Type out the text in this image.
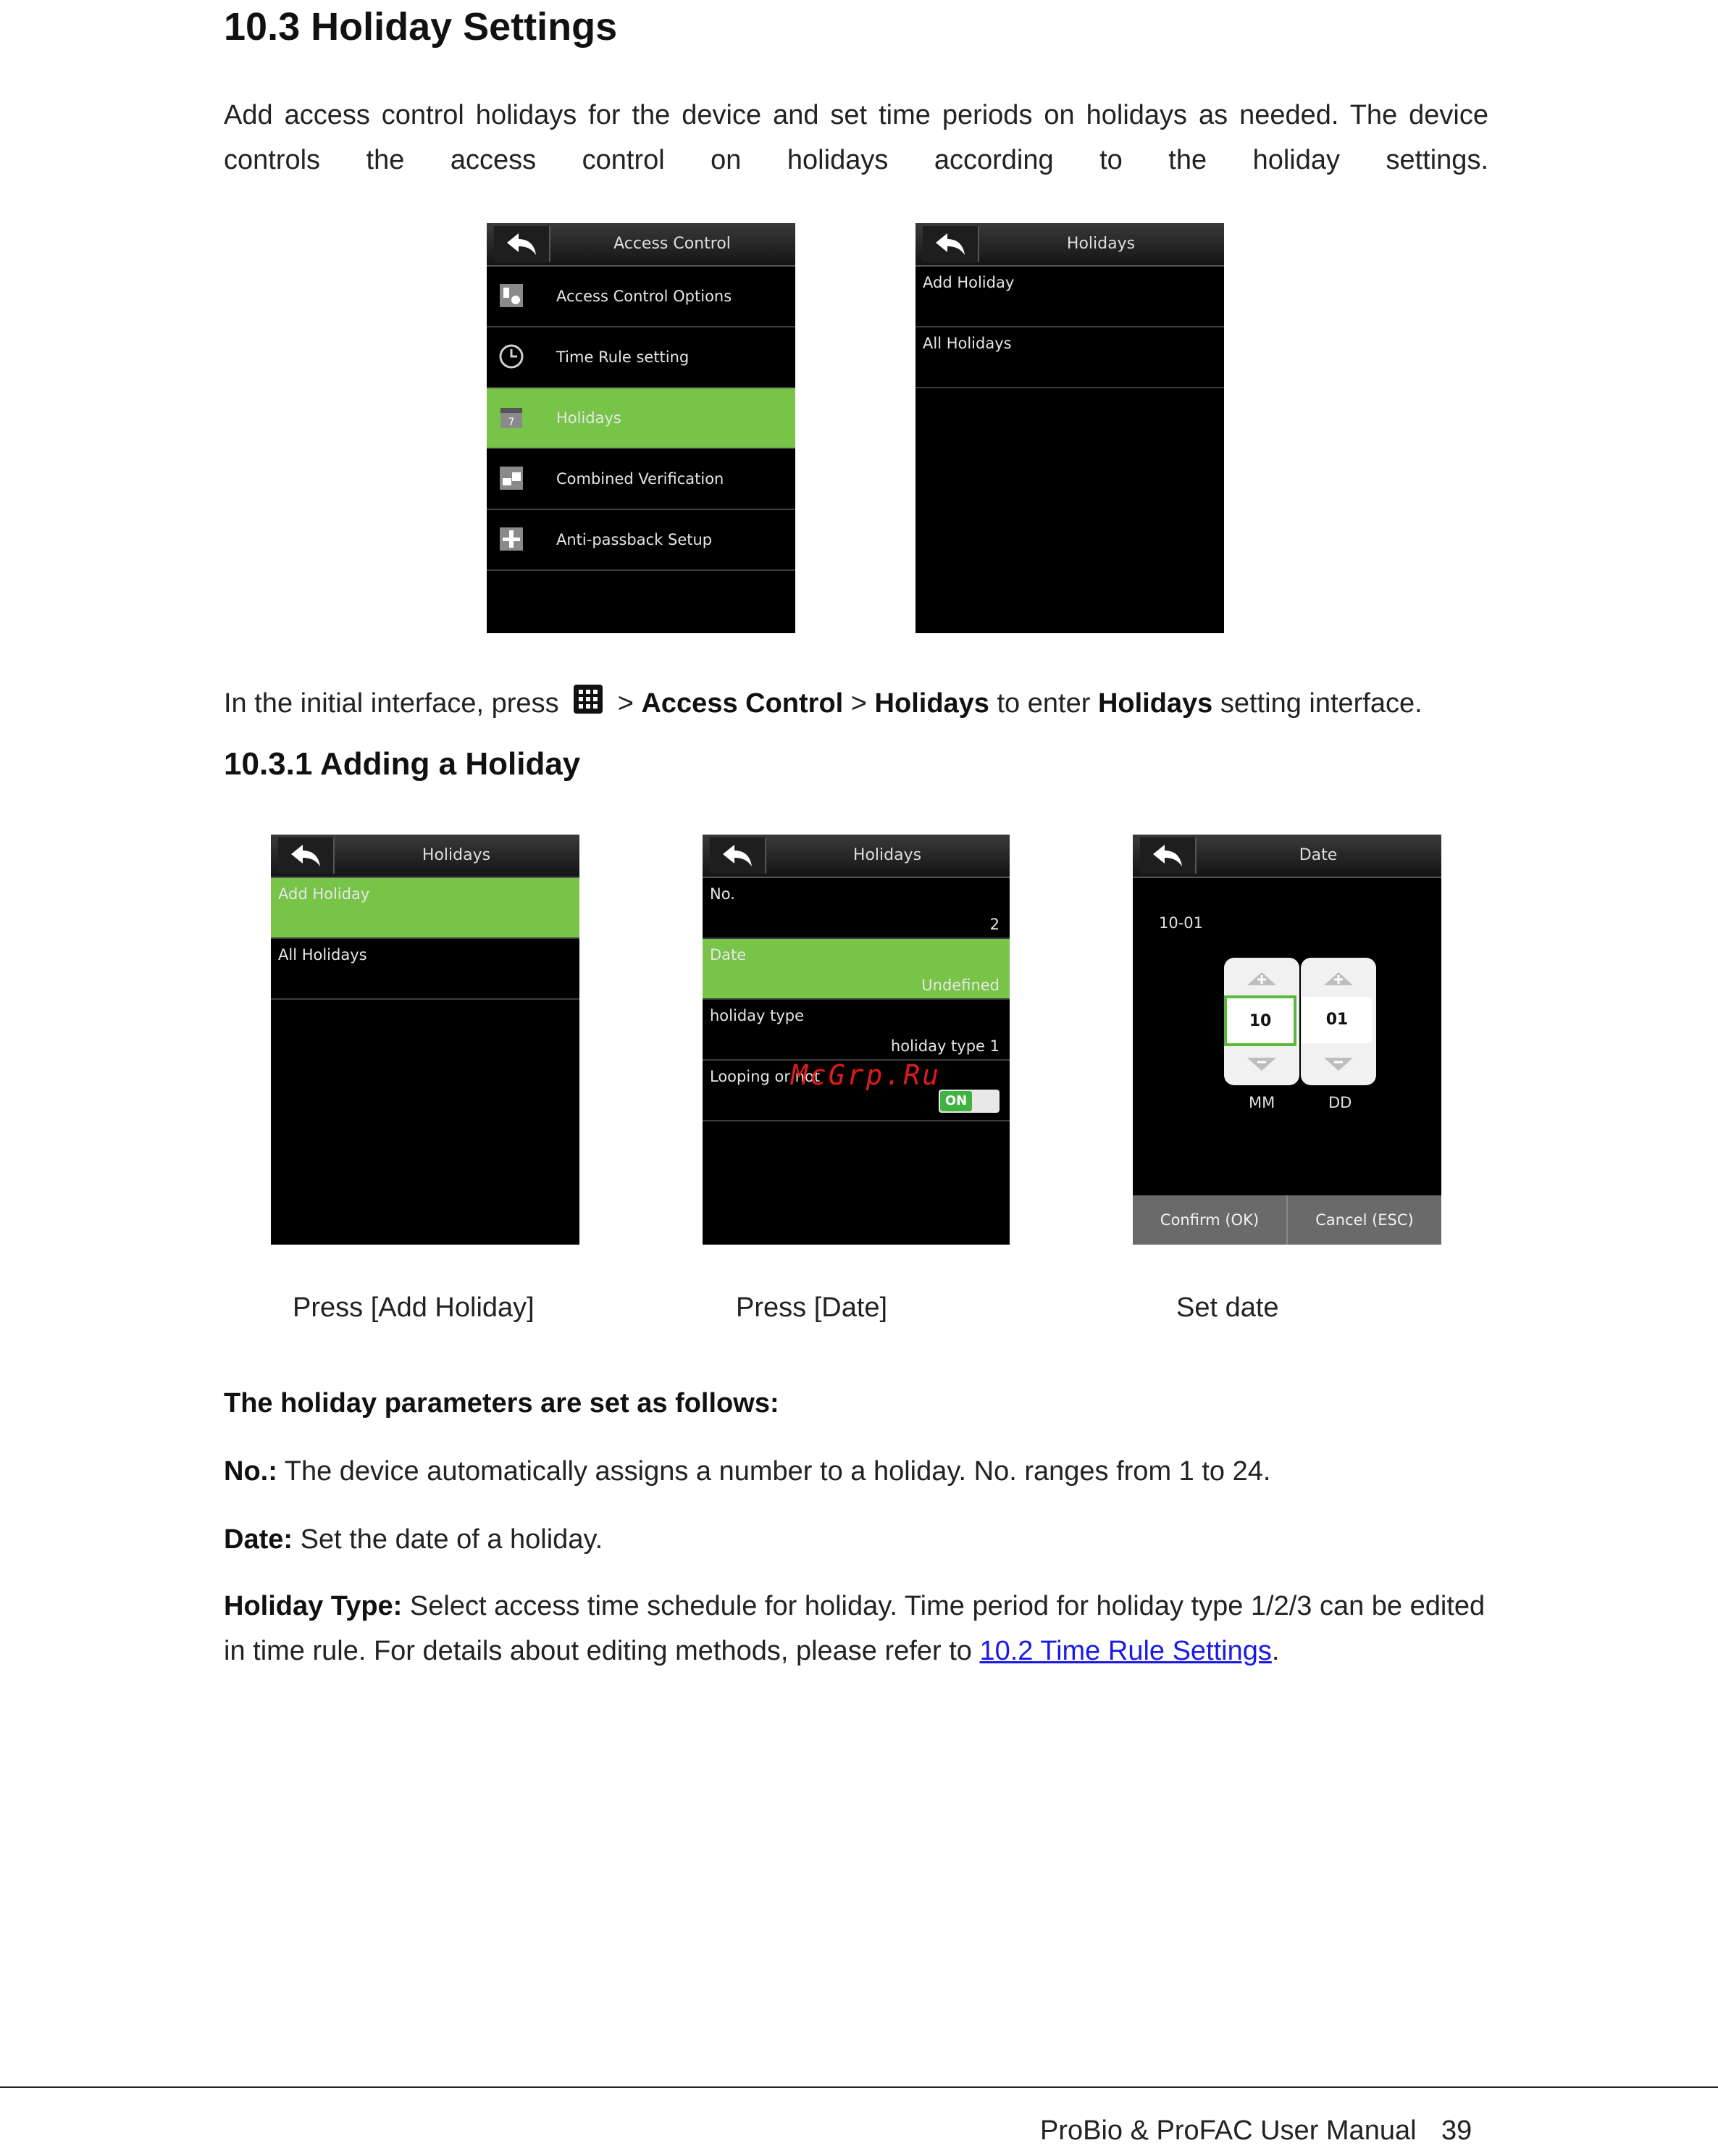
10.3 Holiday Settings
Add access control holidays for the device and set time periods on holidays as needed. The device controls the access control on holidays according to the holiday settings.
Access Control
Access Control Options
Time Rule setting
7	Holidays
Combined Verification
Anti-passback Setup
Holidays
Add Holiday
All Holidays
In the initial interface, press > Access Control > Holidays to enter Holidays setting interface.
10.3.1 Adding a Holiday
Holidays
Add Holiday
All Holidays
Holidays
No.
2
Date
Undefined
holiday type
holiday type 1
Looping or not
ON
McGrp.Ru
Date
10-01
10	01
MM	DD
Confirm (OK)	Cancel (ESC)
Press [Add Holiday]	Press [Date]	Set date
The holiday parameters are set as follows:
No.: The device automatically assigns a number to a holiday. No. ranges from 1 to 24.
Date: Set the date of a holiday.
Holiday Type: Select access time schedule for holiday. Time period for holiday type 1/2/3 can be edited in time rule. For details about editing methods, please refer to 10.2 Time Rule Settings.
ProBio & ProFAC User Manual 39
